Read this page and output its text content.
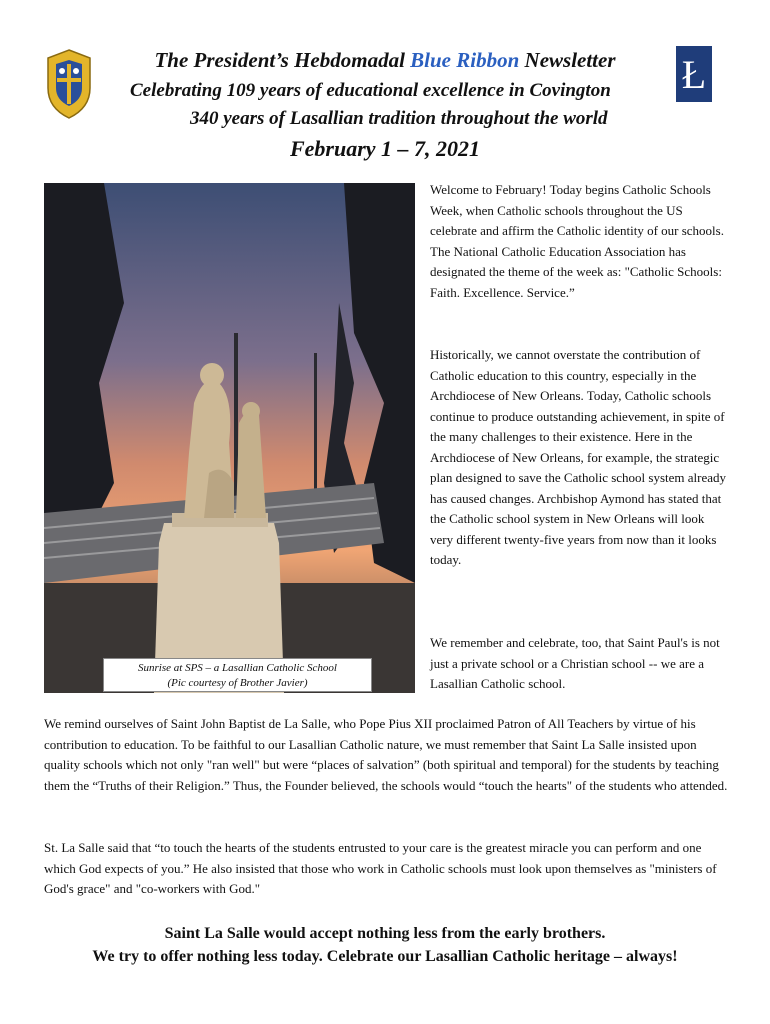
Ł
The President’s Hebdomadal Blue Ribbon Newsletter
Celebrating 109 years of educational excellence in Covington
340 years of Lasallian tradition throughout the world
February 1 – 7, 2021
Sunrise at SPS – a Lasallian Catholic School
(Pic courtesy of Brother Javier)
Welcome to February! Today begins Catholic Schools Week, when Catholic schools throughout the US celebrate and affirm the Catholic identity of our schools. The National Catholic Education Association has designated the theme of the week as: "Catholic Schools: Faith. Excellence. Service.”
Historically, we cannot overstate the contribution of Catholic education to this country, especially in the Archdiocese of New Orleans. Today, Catholic schools continue to produce outstanding achievement, in spite of the many challenges to their existence. Here in the Archdiocese of New Orleans, for example, the strategic plan designed to save the Catholic school system already has caused changes. Archbishop Aymond has stated that the Catholic school system in New Orleans will look very different twenty-five years from now than it looks today.
We remember and celebrate, too, that Saint Paul's is not just a private school or a Christian school -- we are a Lasallian Catholic school.
We remind ourselves of Saint John Baptist de La Salle, who Pope Pius XII proclaimed Patron of All Teachers by virtue of his contribution to education. To be faithful to our Lasallian Catholic nature, we must remember that Saint La Salle insisted upon quality schools which not only "ran well" but were “places of salvation” (both spiritual and temporal) for the students by teaching them the “Truths of their Religion.” Thus, the Founder believed, the schools would “touch the hearts" of the students who attended.
St. La Salle said that “to touch the hearts of the students entrusted to your care is the greatest miracle you can perform and one which God expects of you.” He also insisted that those who work in Catholic schools must look upon themselves as "ministers of God's grace" and "co-workers with God."
Saint La Salle would accept nothing less from the early brothers.
We try to offer nothing less today. Celebrate our Lasallian Catholic heritage – always!
